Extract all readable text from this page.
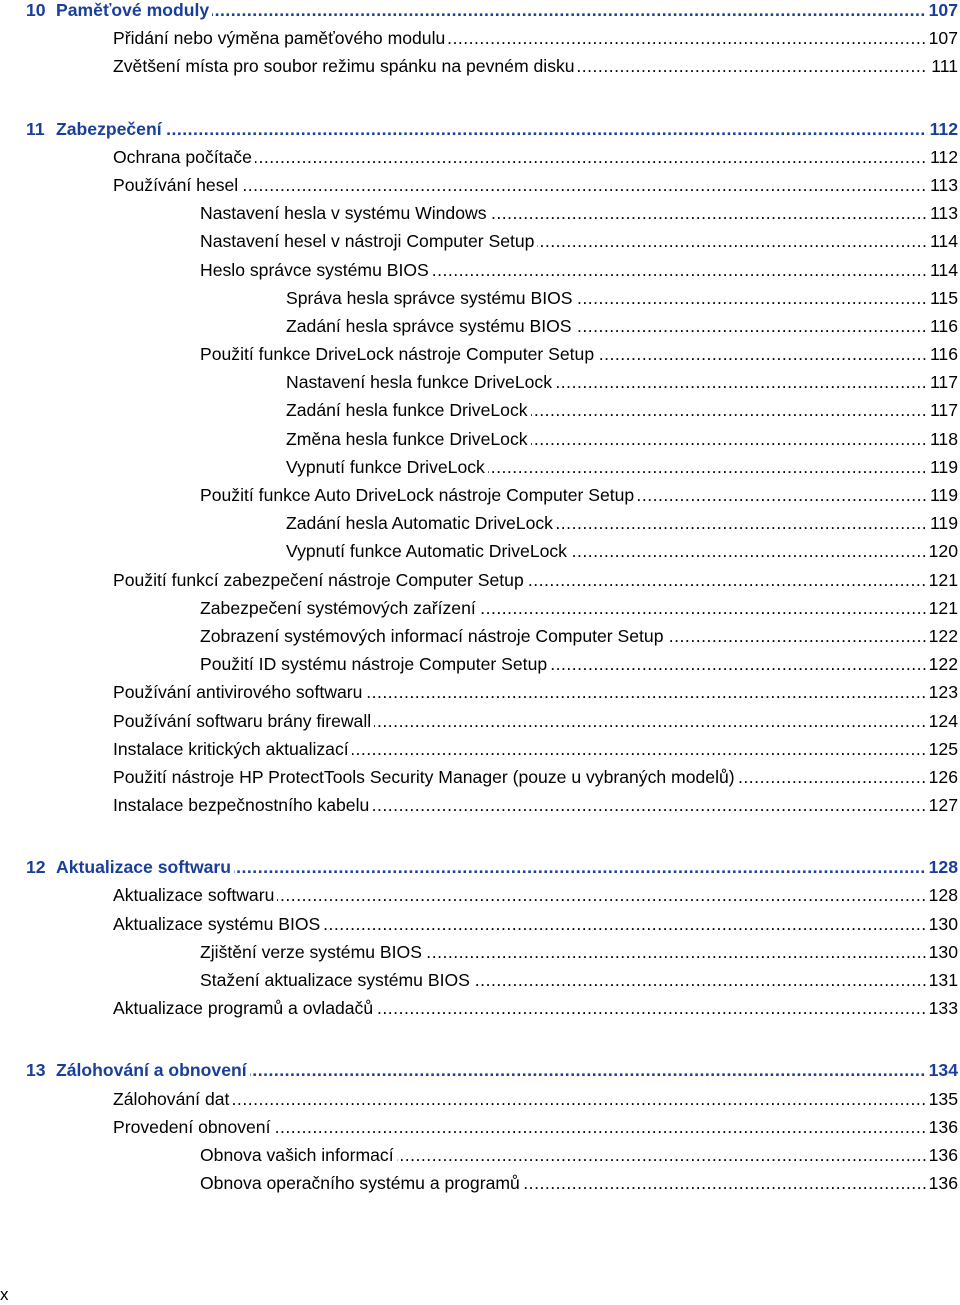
.....
10 Paměťové moduly	107
.....
Přidání nebo výměna paměťového modulu	107
.....
Zvětšení místa pro soubor režimu spánku na pevném disku	111
.....
11 Zabezpečení	112
.....
Ochrana počítače	112
.....
Používání hesel	113
.....
Nastavení hesla v systému Windows	113
.....
Nastavení hesel v nástroji Computer Setup	114
.....
Heslo správce systému BIOS	114
.....
Správa hesla správce systému BIOS	115
.....
Zadání hesla správce systému BIOS	116
.....
Použití funkce DriveLock nástroje Computer Setup	116
.....
Nastavení hesla funkce DriveLock	117
.....
Zadání hesla funkce DriveLock	117
.....
Změna hesla funkce DriveLock	118
.....
Vypnutí funkce DriveLock	119
.....
Použití funkce Auto DriveLock nástroje Computer Setup	119
.....
Zadání hesla Automatic DriveLock	119
.....
Vypnutí funkce Automatic DriveLock	120
.....
Použití funkcí zabezpečení nástroje Computer Setup	121
.....
Zabezpečení systémových zařízení	121
.....
Zobrazení systémových informací nástroje Computer Setup	122
.....
Použití ID systému nástroje Computer Setup	122
.....
Používání antivirového softwaru	123
.....
Používání softwaru brány firewall	124
.....
Instalace kritických aktualizací	125
.....
Použití nástroje HP ProtectTools Security Manager (pouze u vybraných modelů)	126
.....
Instalace bezpečnostního kabelu	127
.....
12 Aktualizace softwaru	128
.....
Aktualizace softwaru	128
.....
Aktualizace systému BIOS	130
.....
Zjištění verze systému BIOS	130
.....
Stažení aktualizace systému BIOS	131
.....
Aktualizace programů a ovladačů	133
.....
13 Zálohování a obnovení	134
.....
Zálohování dat	135
.....
Provedení obnovení	136
.....
Obnova vašich informací	136
.....
Obnova operačního systému a programů	136
x
